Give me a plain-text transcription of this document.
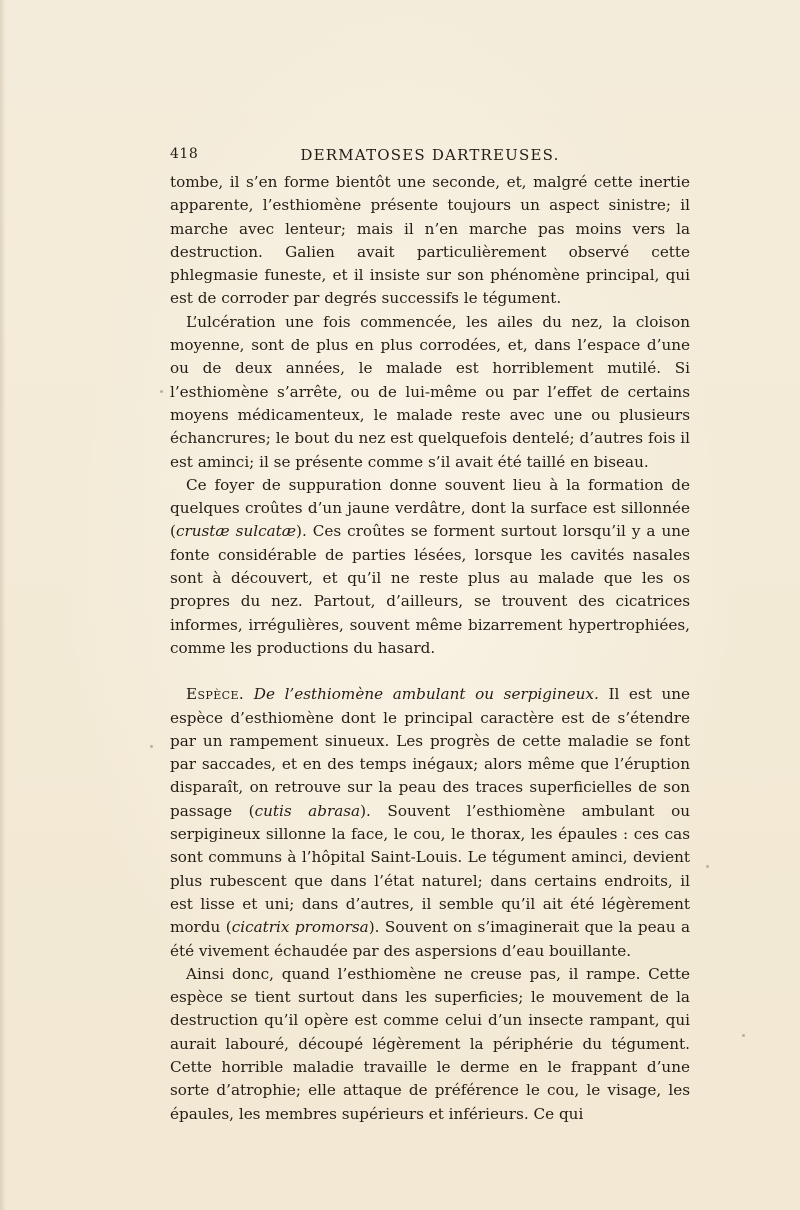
418	DERMATOSES DARTREUSES.

tombe, il s’en forme bientôt une seconde, et, malgré cette inertie apparente, l’esthiomène présente toujours un aspect sinistre; il marche avec lenteur; mais il n’en marche pas moins vers la destruction. Galien avait particulièrement observé cette phlegmasie funeste, et il insiste sur son phénomène principal, qui est de corroder par degrés successifs le tégument.

L’ulcération une fois commencée, les ailes du nez, la cloison moyenne, sont de plus en plus corrodées, et, dans l’espace d’une ou de deux années, le malade est horriblement mutilé. Si l’esthiomène s’arrête, ou de lui-même ou par l’effet de certains moyens médicamenteux, le malade reste avec une ou plusieurs échancrures; le bout du nez est quelquefois dentelé; d’autres fois il est aminci; il se présente comme s’il avait été taillé en biseau.

Ce foyer de suppuration donne souvent lieu à la formation de quelques croûtes d’un jaune verdâtre, dont la surface est sillonnée (crustæ sulcatæ). Ces croûtes se forment surtout lorsqu’il y a une fonte considérable de parties lésées, lorsque les cavités nasales sont à découvert, et qu’il ne reste plus au malade que les os propres du nez. Partout, d’ailleurs, se trouvent des cicatrices informes, irrégulières, souvent même bizarrement hypertrophiées, comme les productions du hasard.

Espèce. De l’esthiomène ambulant ou serpigineux. Il est une espèce d’esthiomène dont le principal caractère est de s’étendre par un rampement sinueux. Les progrès de cette maladie se font par saccades, et en des temps inégaux; alors même que l’éruption disparaît, on retrouve sur la peau des traces superficielles de son passage (cutis abrasa). Souvent l’esthiomène ambulant ou serpigineux sillonne la face, le cou, le thorax, les épaules : ces cas sont communs à l’hôpital Saint-Louis. Le tégument aminci, devient plus rubescent que dans l’état naturel; dans certains endroits, il est lisse et uni; dans d’autres, il semble qu’il ait été légèrement mordu (cicatrix promorsa). Souvent on s’imaginerait que la peau a été vivement échaudée par des aspersions d’eau bouillante.

Ainsi donc, quand l’esthiomène ne creuse pas, il rampe. Cette espèce se tient surtout dans les superficies; le mouvement de la destruction qu’il opère est comme celui d’un insecte rampant, qui aurait labouré, découpé légèrement la périphérie du tégument. Cette horrible maladie travaille le derme en le frappant d’une sorte d’atrophie; elle attaque de préférence le cou, le visage, les épaules, les membres supérieurs et inférieurs. Ce qui
